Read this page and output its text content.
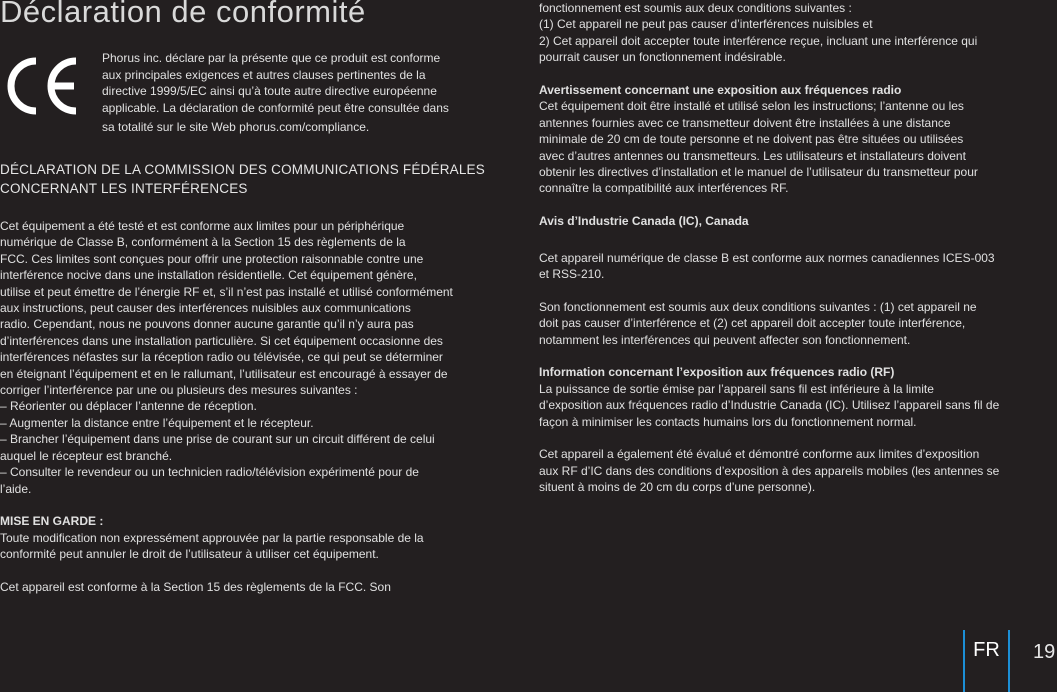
Déclaration de conformité

Phorus inc. déclare par la présente que ce produit est conforme

aux principales exigences et autres clauses pertinentes de la

directive 1999/5/EC ainsi qu’à toute autre directive européenne

applicable. La déclaration de conformité peut être consultée dans

sa totalité sur le site Web phorus.com/compliance.

DÉCLARATION DE LA COMMISSION DES COMMUNICATIONS FÉDÉRALES

CONCERNANT LES INTERFÉRENCES

Cet équipement a été testé et est conforme aux limites pour un périphérique

numérique de Classe B, conformément à la Section 15 des règlements de la

FCC. Ces limites sont conçues pour offrir une protection raisonnable contre une

interférence nocive dans une installation résidentielle. Cet équipement génère,

utilise et peut émettre de l’énergie RF et, s’il n’est pas installé et utilisé conformément

aux instructions, peut causer des interférences nuisibles aux communications

radio. Cependant, nous ne pouvons donner aucune garantie qu’il n’y aura pas

d’interférences dans une installation particulière. Si cet équipement occasionne des

interférences néfastes sur la réception radio ou télévisée, ce qui peut se déterminer

en éteignant l’équipement et en le rallumant, l’utilisateur est encouragé à essayer de

corriger l’interférence par une ou plusieurs des mesures suivantes :

– Réorienter ou déplacer l’antenne de réception.

– Augmenter la distance entre l’équipement et le récepteur.

– Brancher l’équipement dans une prise de courant sur un circuit différent de celui

auquel le récepteur est branché.

– Consulter le revendeur ou un technicien radio/télévision expérimenté pour de

l’aide.

MISE EN GARDE :

Toute modification non expressément approuvée par la partie responsable de la

conformité peut annuler le droit de l’utilisateur à utiliser cet équipement.

Cet appareil est conforme à la Section 15 des règlements de la FCC. Son

fonctionnement est soumis aux deux conditions suivantes :

(1) Cet appareil ne peut pas causer d’interférences nuisibles et

2) Cet appareil doit accepter toute interférence reçue, incluant une interférence qui

pourrait causer un fonctionnement indésirable.

Avertissement concernant une exposition aux fréquences radio

Cet équipement doit être installé et utilisé selon les instructions; l’antenne ou les

antennes fournies avec ce transmetteur doivent être installées à une distance

minimale de 20 cm de toute personne et ne doivent pas être situées ou utilisées

avec d’autres antennes ou transmetteurs. Les utilisateurs et installateurs doivent

obtenir les directives d’installation et le manuel de l’utilisateur du transmetteur pour

connaître la compatibilité aux interférences RF.

Avis d’Industrie Canada (IC), Canada

Cet appareil numérique de classe B est conforme aux normes canadiennes ICES-003

et RSS-210.

Son fonctionnement est soumis aux deux conditions suivantes : (1) cet appareil ne

doit pas causer d’interférence et (2) cet appareil doit accepter toute interférence,

notamment les interférences qui peuvent affecter son fonctionnement.

Information concernant l’exposition aux fréquences radio (RF)

La puissance de sortie émise par l’appareil sans fil est inférieure à la limite

d’exposition aux fréquences radio d’Industrie Canada (IC). Utilisez l’appareil sans fil de

façon à minimiser les contacts humains lors du fonctionnement normal.

Cet appareil a également été évalué et démontré conforme aux limites d’exposition

aux RF d’IC dans des conditions d’exposition à des appareils mobiles (les antennes se

situent à moins de 20 cm du corps d’une personne).

FR	19
